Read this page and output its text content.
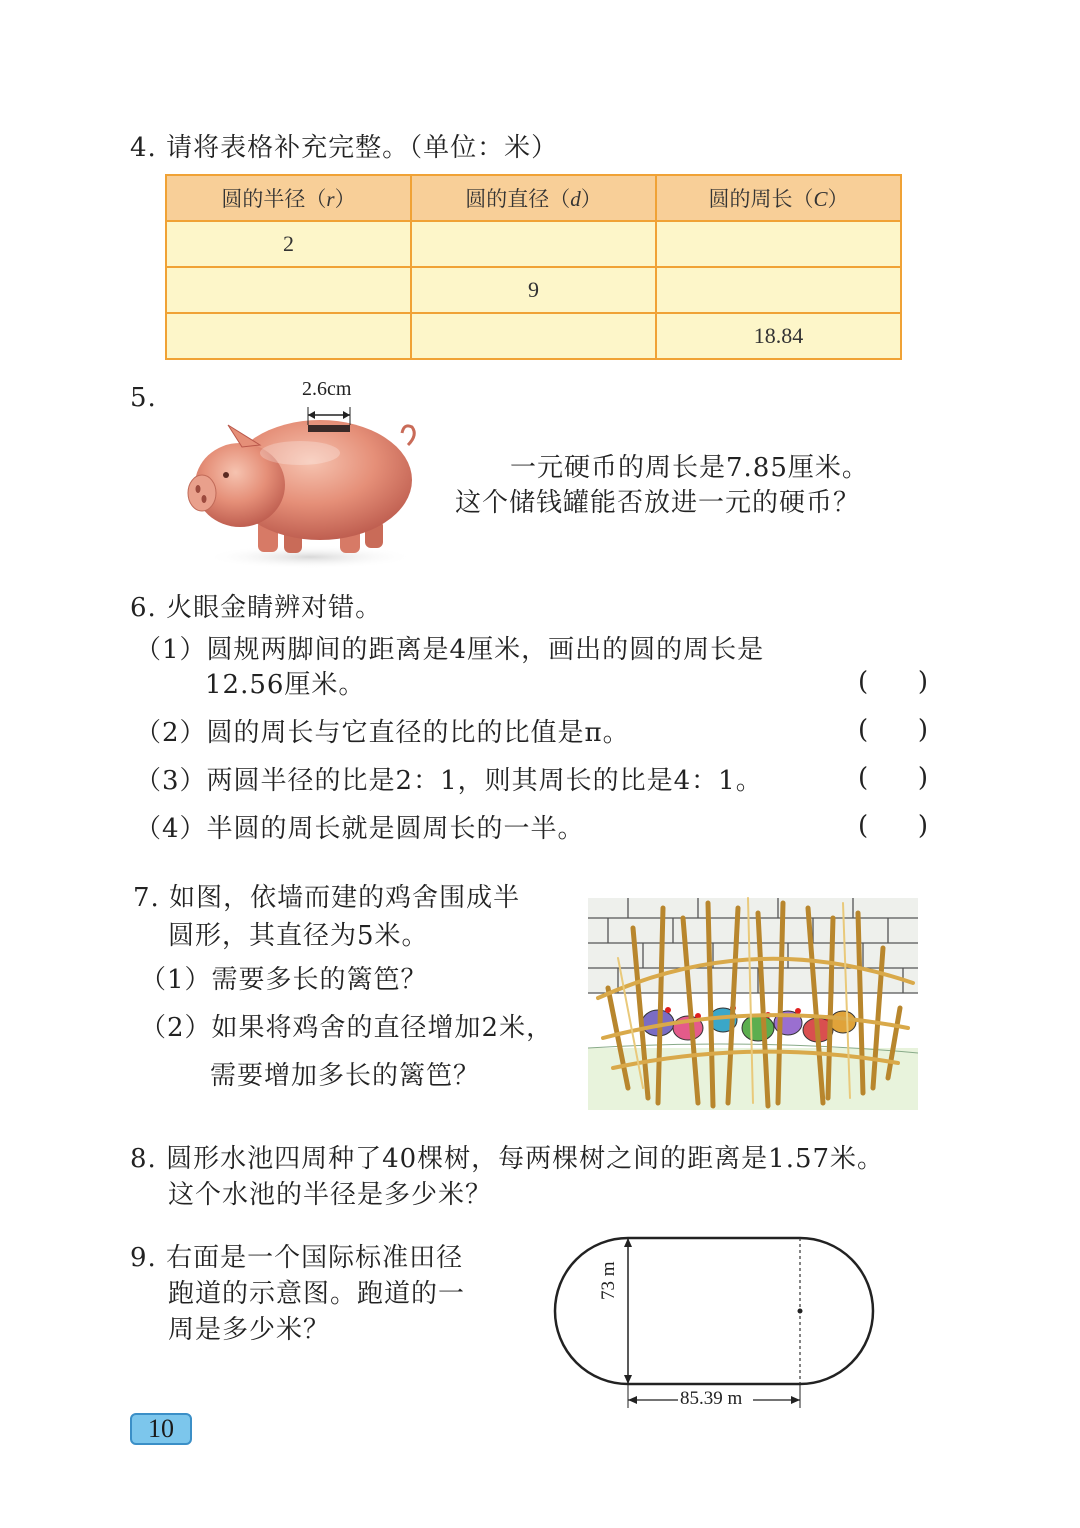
4. 请将表格补充完整。（单位：米）
圆的半径（r）	圆的直径（d）	圆的周长（C）
2		
	9	
		18.84
5.	2.6cm
一元硬币的周长是7.85厘米。
这个储钱罐能否放进一元的硬币？
6. 火眼金睛辨对错。
（1）圆规两脚间的距离是4厘米，画出的圆的周长是
12.56厘米。	( )
（2）圆的周长与它直径的比的比值是π。	( )
（3）两圆半径的比是2：1，则其周长的比是4：1。	( )
（4）半圆的周长就是圆周长的一半。	( )
7. 如图，依墙而建的鸡舍围成半
圆形，其直径为5米。
（1）需要多长的篱笆？
（2）如果将鸡舍的直径增加2米，
需要增加多长的篱笆？
8. 圆形水池四周种了40棵树，每两棵树之间的距离是1.57米。
这个水池的半径是多少米？
9. 右面是一个国际标准田径
跑道的示意图。跑道的一
周是多少米？
73 m
85.39 m
10
